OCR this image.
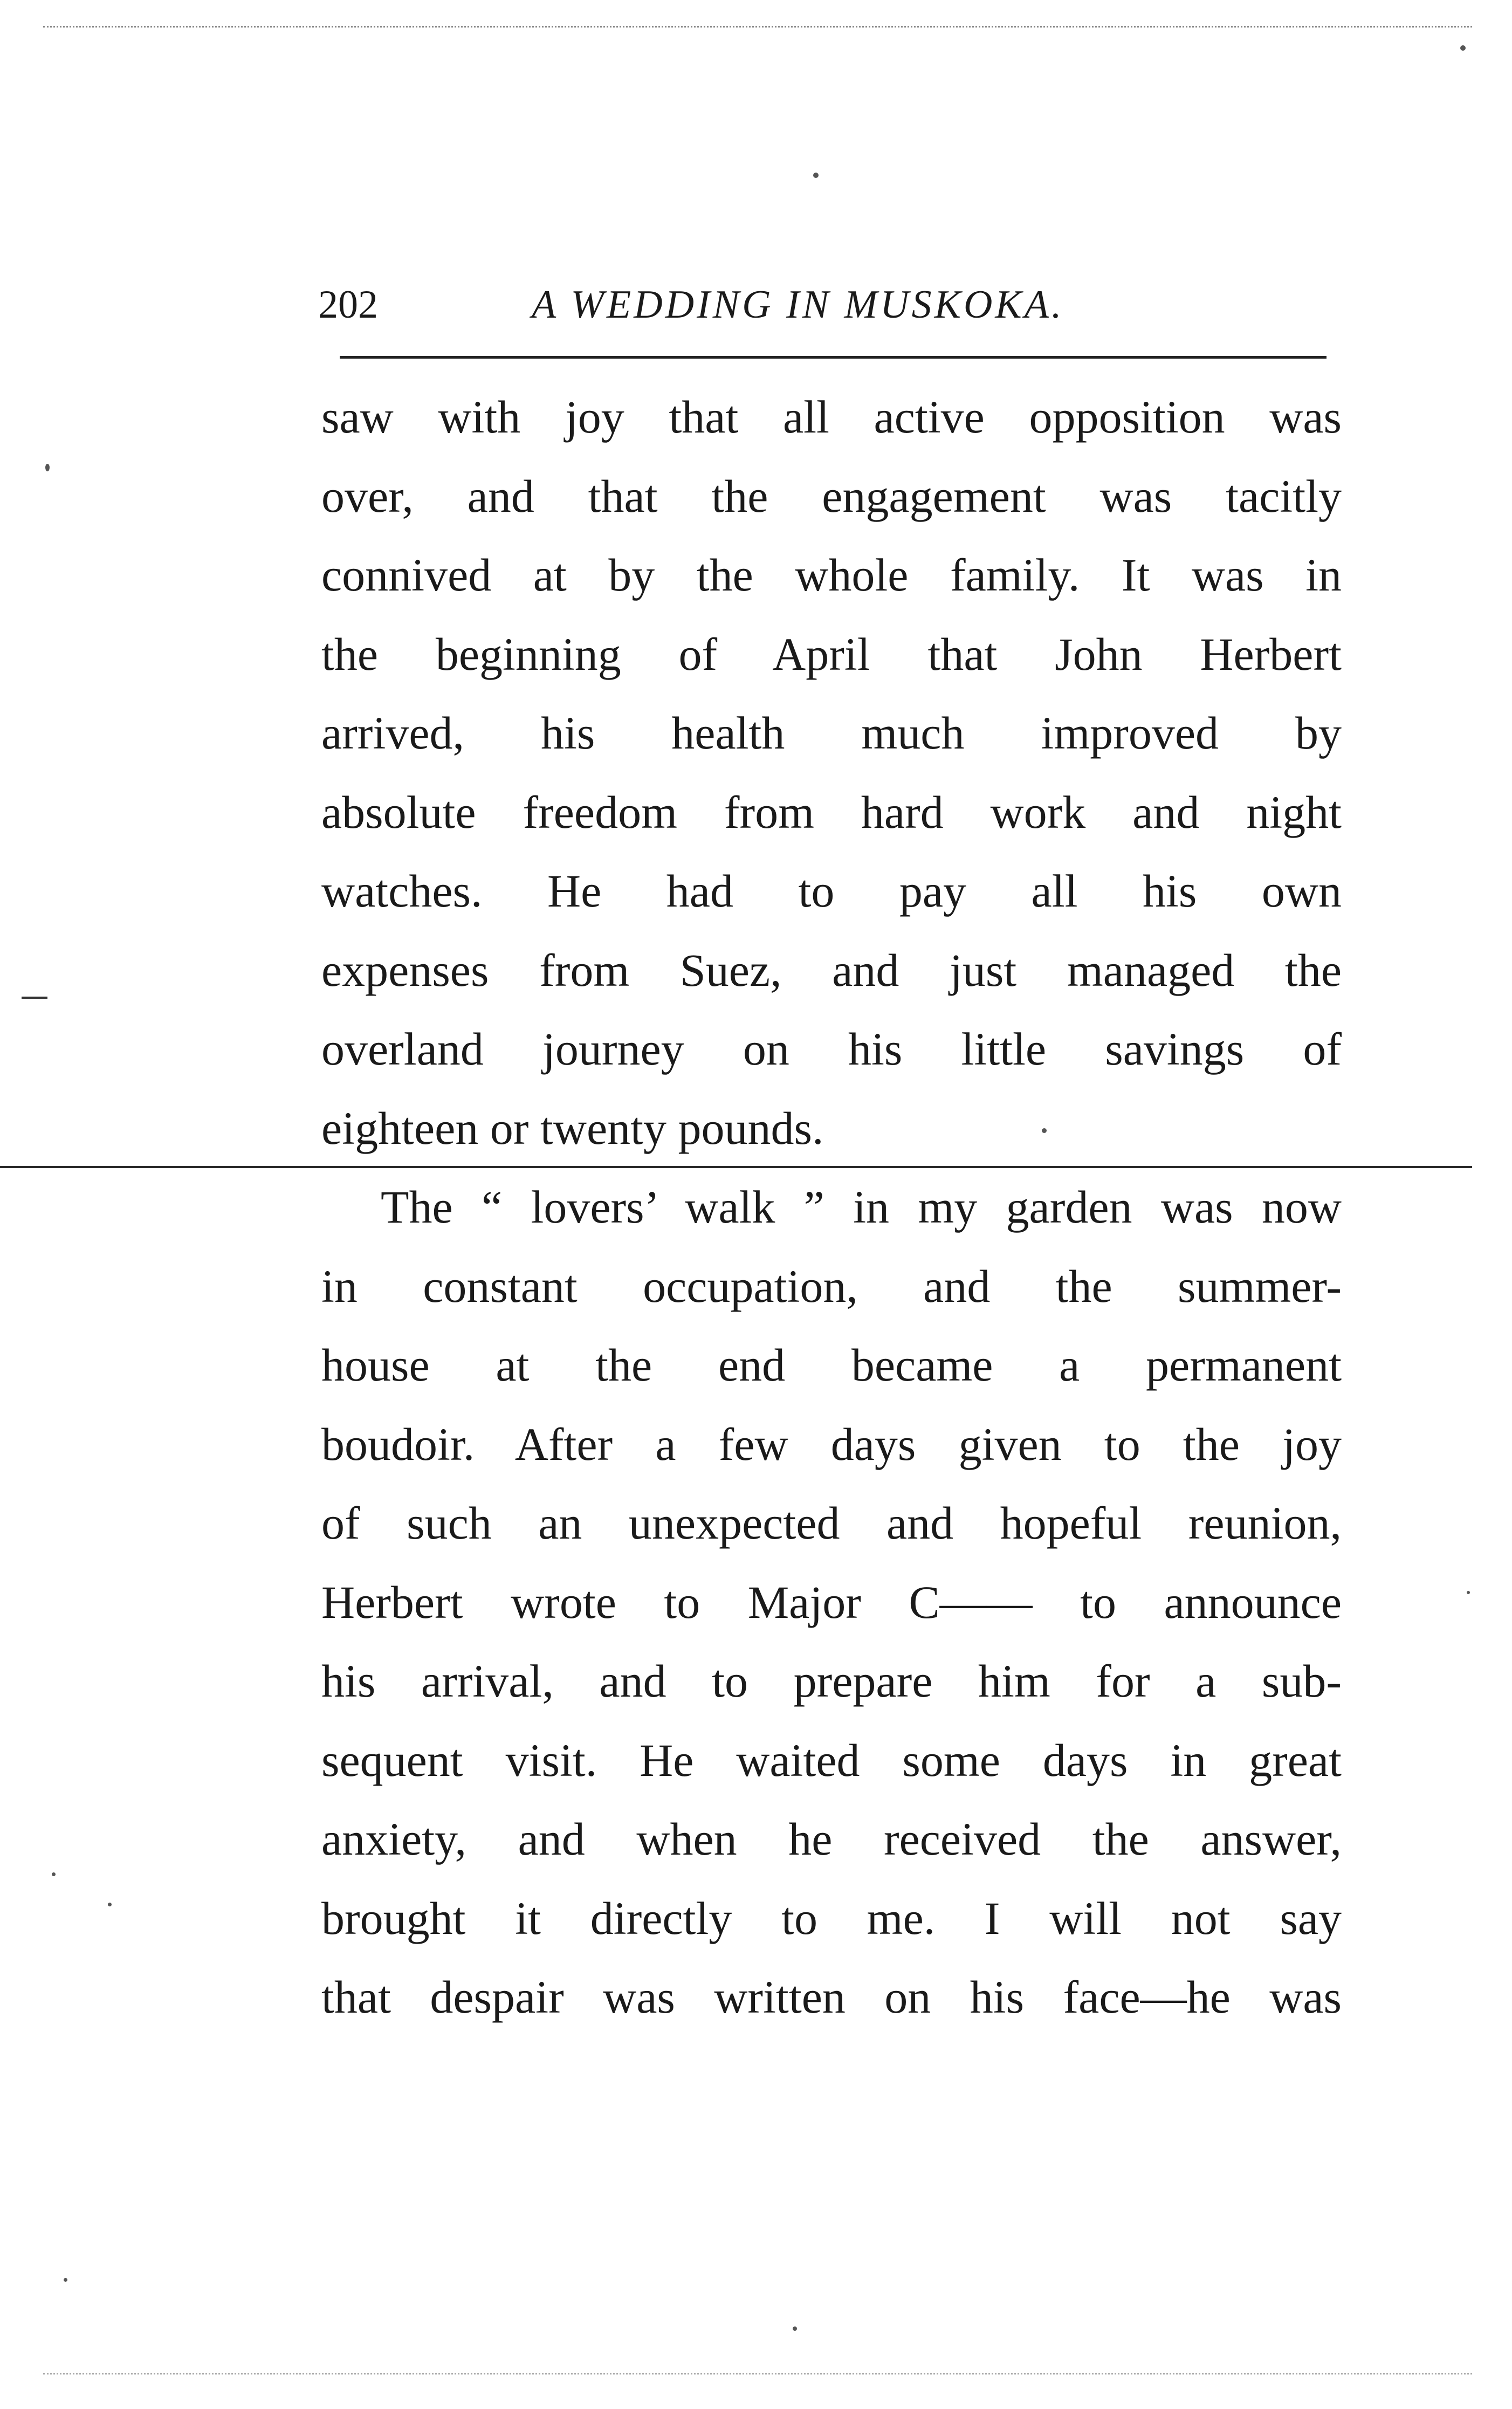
202	A WEDDING IN MUSKOKA.
saw with joy that all active opposition was
over, and that the engagement was tacitly
connived at by the whole family. It was in
the beginning of April that John Herbert
arrived, his health much improved by
absolute freedom from hard work and night
watches. He had to pay all his own
expenses from Suez, and just managed the
overland journey on his little savings of
eighteen or twenty pounds.
The “ lovers’ walk ” in my garden was now
in constant occupation, and the summer-
house at the end became a permanent
boudoir. After a few days given to the joy
of such an unexpected and hopeful reunion,
Herbert wrote to Major C—— to announce
his arrival, and to prepare him for a sub-
sequent visit. He waited some days in great
anxiety, and when he received the answer,
brought it directly to me. I will not say
that despair was written on his face—he was
